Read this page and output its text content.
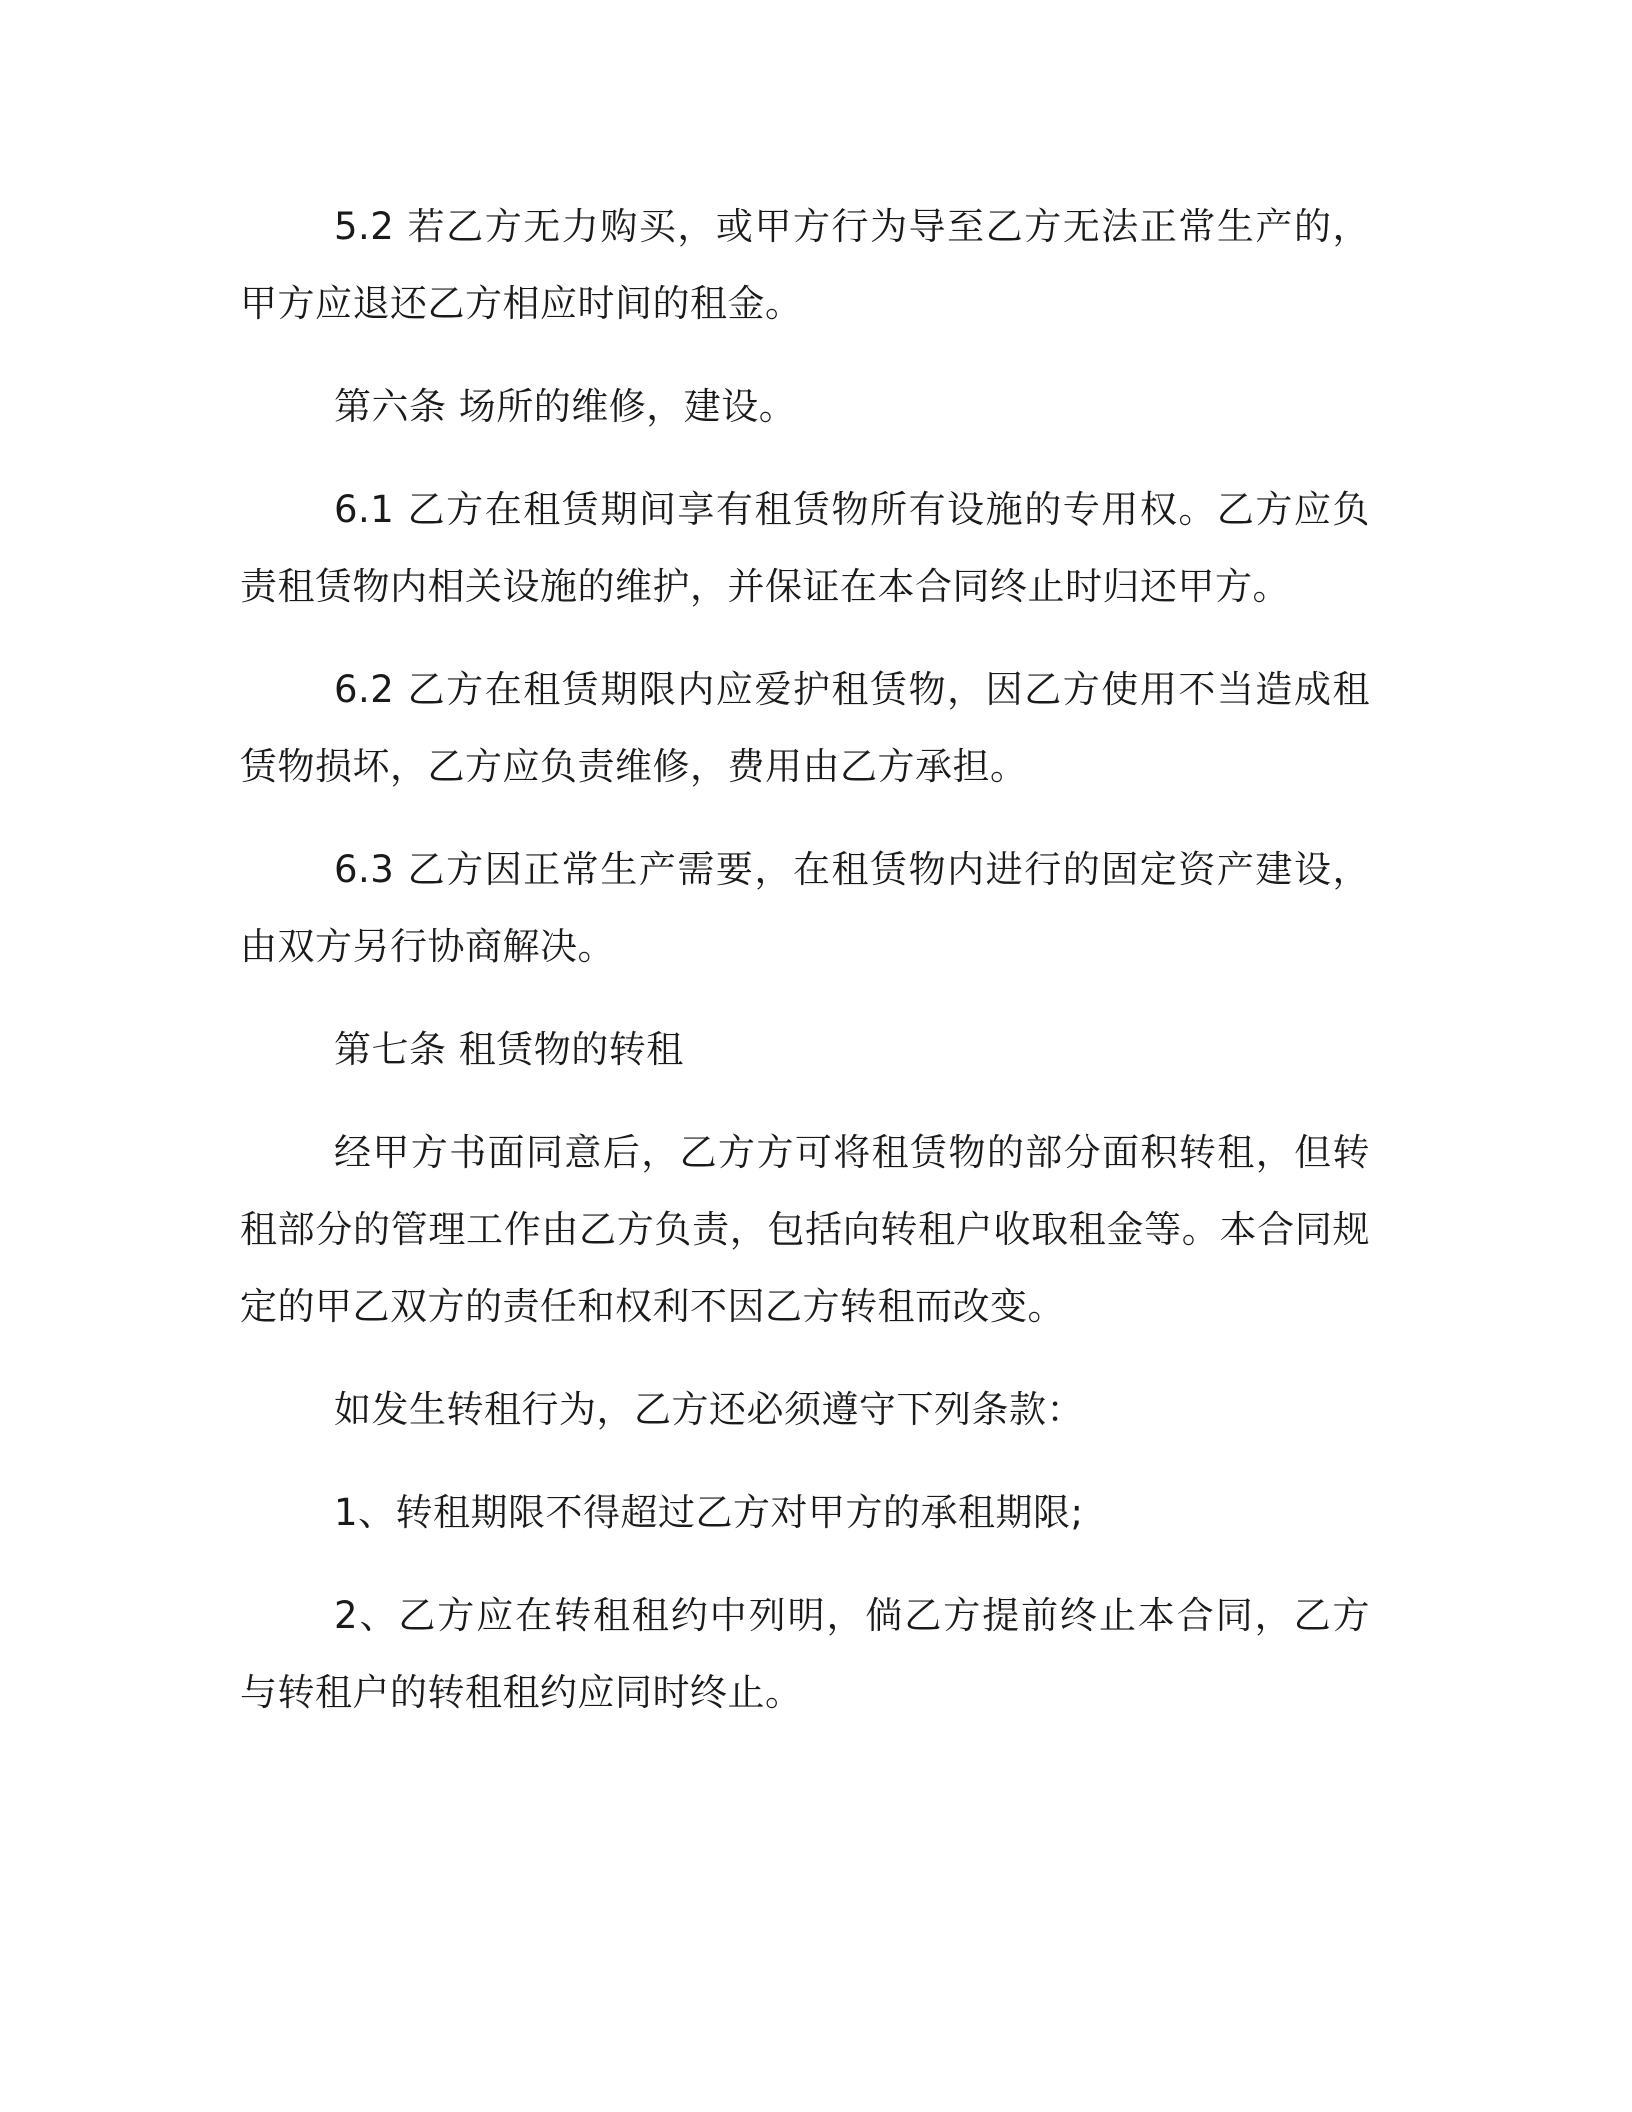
5.2 若乙方无力购买，或甲方行为导至乙方无法正常生产的，甲方应退还乙方相应时间的租金。

第六条 场所的维修，建设。

6.1 乙方在租赁期间享有租赁物所有设施的专用权。乙方应负责租赁物内相关设施的维护，并保证在本合同终止时归还甲方。

6.2 乙方在租赁期限内应爱护租赁物，因乙方使用不当造成租赁物损坏，乙方应负责维修，费用由乙方承担。

6.3 乙方因正常生产需要，在租赁物内进行的固定资产建设，由双方另行协商解决。

第七条 租赁物的转租

经甲方书面同意后，乙方方可将租赁物的部分面积转租，但转租部分的管理工作由乙方负责，包括向转租户收取租金等。本合同规定的甲乙双方的责任和权利不因乙方转租而改变。

如发生转租行为，乙方还必须遵守下列条款：

1、转租期限不得超过乙方对甲方的承租期限;

2、乙方应在转租租约中列明，倘乙方提前终止本合同，乙方与转租户的转租租约应同时终止。
